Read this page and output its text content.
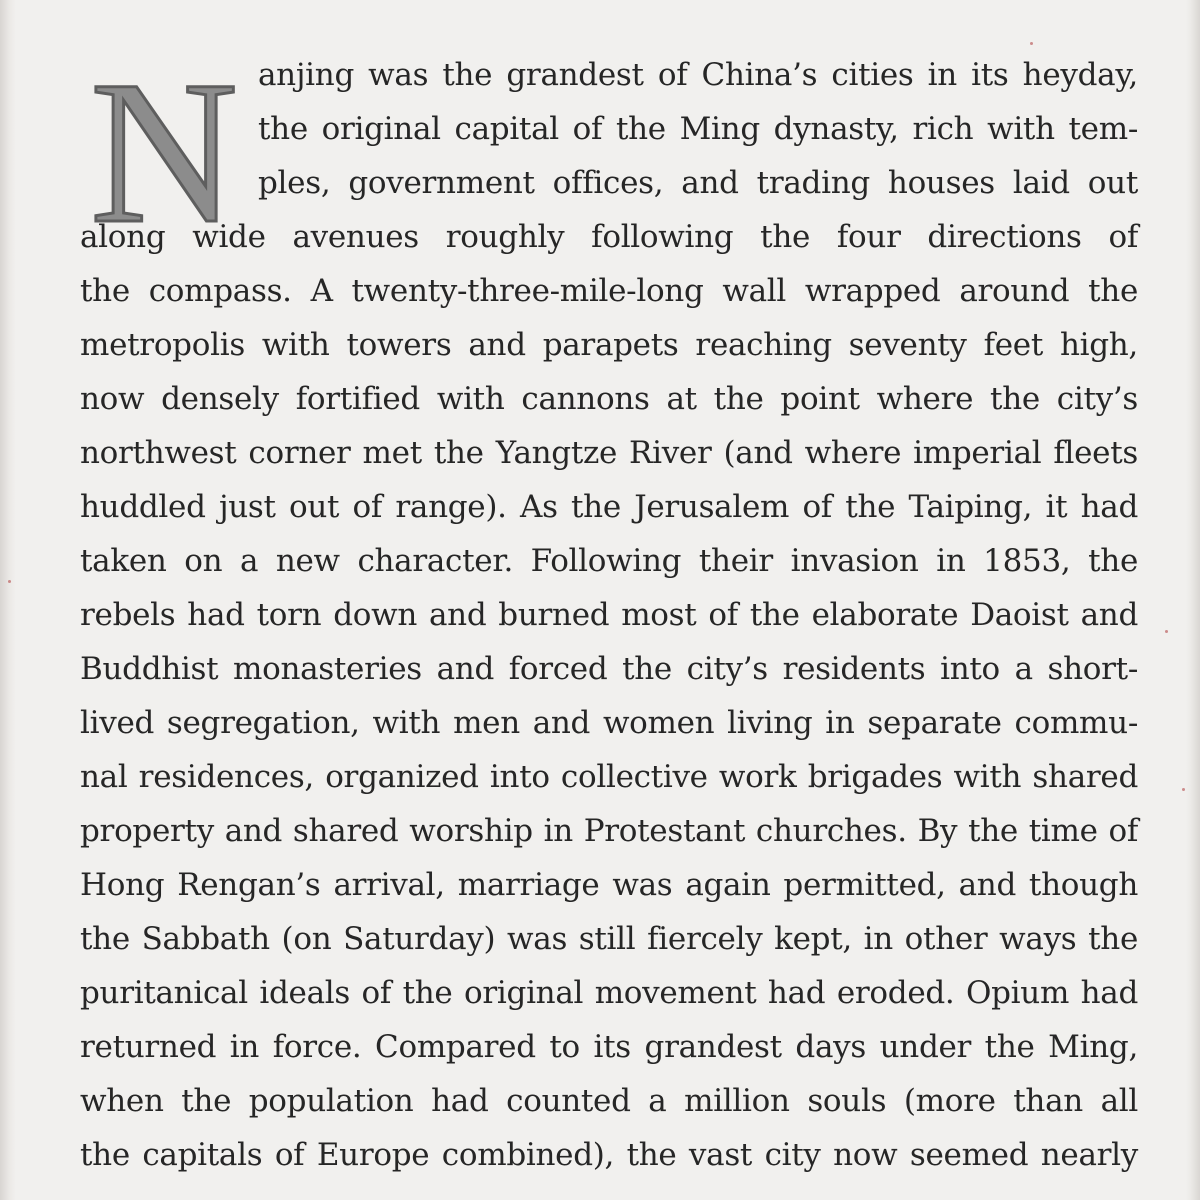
N anjing was the grandest of China’s cities in its heyday,
the original capital of the Ming dynasty, rich with tem-
ples, government offices, and trading houses laid out
along wide avenues roughly following the four directions of
the compass. A twenty-three-mile-long wall wrapped around the
metropolis with towers and parapets reaching seventy feet high,
now densely fortified with cannons at the point where the city’s
northwest corner met the Yangtze River (and where imperial fleets
huddled just out of range). As the Jerusalem of the Taiping, it had
taken on a new character. Following their invasion in 1853, the
rebels had torn down and burned most of the elaborate Daoist and
Buddhist monasteries and forced the city’s residents into a short-
lived segregation, with men and women living in separate commu-
nal residences, organized into collective work brigades with shared
property and shared worship in Protestant churches. By the time of
Hong Rengan’s arrival, marriage was again permitted, and though
the Sabbath (on Saturday) was still fiercely kept, in other ways the
puritanical ideals of the original movement had eroded. Opium had
returned in force. Compared to its grandest days under the Ming,
when the population had counted a million souls (more than all
the capitals of Europe combined), the vast city now seemed nearly
